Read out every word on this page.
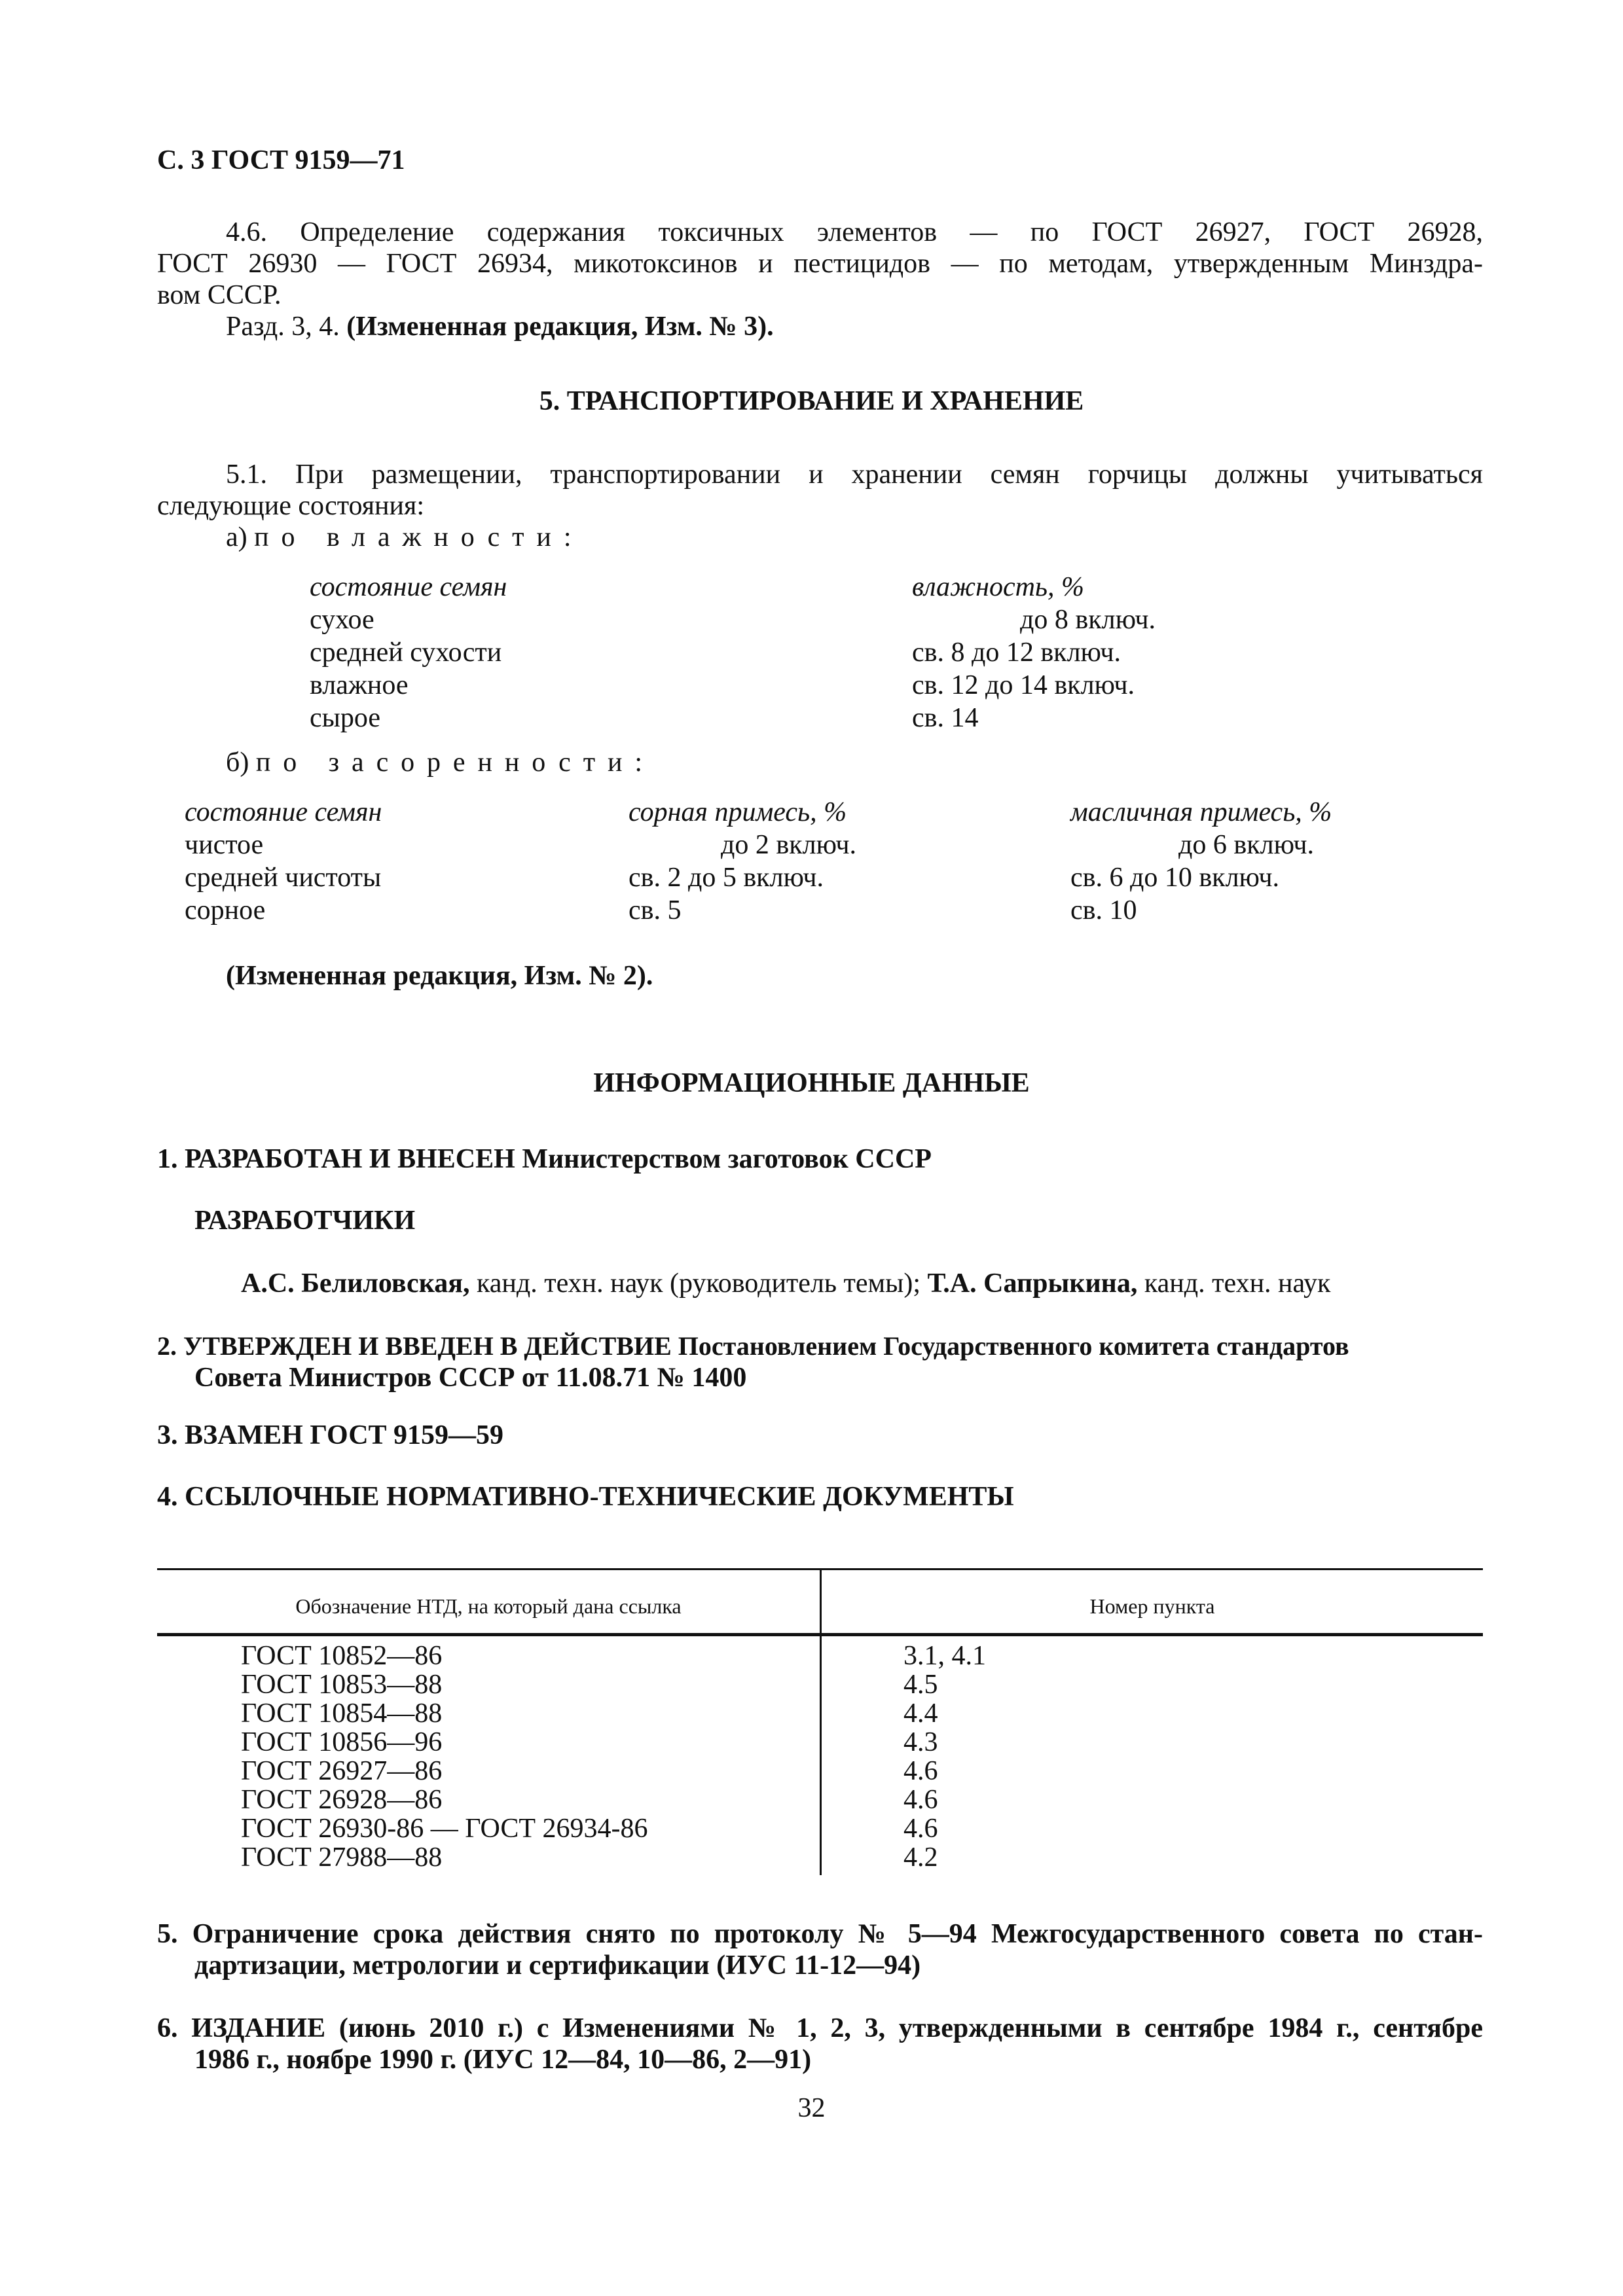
С. 3 ГОСТ 9159—71
4.6. Определение содержания токсичных элементов — по ГОСТ 26927, ГОСТ 26928,
ГОСТ 26930 — ГОСТ 26934, микотоксинов и пестицидов — по методам, утвержденным Минздра-
вом СССР.
Разд. 3, 4. (Измененная редакция, Изм. № 3).
5. ТРАНСПОРТИРОВАНИЕ И ХРАНЕНИЕ
5.1. При размещении, транспортировании и хранении семян горчицы должны учитываться
следующие состояния:
а) по влажности:
состояние семян	влажность, %
сухое	до 8 включ.
средней сухости	св. 8 до 12 включ.
влажное	св. 12 до 14 включ.
сырое	св. 14
б) по засоренности:
состояние семян	сорная примесь, %	масличная примесь, %
чистое	до 2 включ.	до 6 включ.
средней чистоты	св. 2 до 5 включ.	св. 6 до 10 включ.
сорное	св. 5	св. 10
(Измененная редакция, Изм. № 2).
ИНФОРМАЦИОННЫЕ ДАННЫЕ
1. РАЗРАБОТАН И ВНЕСЕН Министерством заготовок СССР
РАЗРАБОТЧИКИ
А.С. Белиловская, канд. техн. наук (руководитель темы); Т.А. Сапрыкина, канд. техн. наук
2. УТВЕРЖДЕН И ВВЕДЕН В ДЕЙСТВИЕ Постановлением Государственного комитета стандартов
Совета Министров СССР от 11.08.71 № 1400
3. ВЗАМЕН ГОСТ 9159—59
4. ССЫЛОЧНЫЕ НОРМАТИВНО-ТЕХНИЧЕСКИЕ ДОКУМЕНТЫ
Обозначение НТД, на который дана ссылка	Номер пункта
ГОСТ 10852—86	3.1, 4.1
ГОСТ 10853—88	4.5
ГОСТ 10854—88	4.4
ГОСТ 10856—96	4.3
ГОСТ 26927—86	4.6
ГОСТ 26928—86	4.6
ГОСТ 26930-86 — ГОСТ 26934-86	4.6
ГОСТ 27988—88	4.2
5. Ограничение срока действия снято по протоколу № 5—94 Межгосударственного совета по стан-
дартизации, метрологии и сертификации (ИУС 11-12—94)
6. ИЗДАНИЕ (июнь 2010 г.) с Изменениями № 1, 2, 3, утвержденными в сентябре 1984 г., сентябре
1986 г., ноябре 1990 г. (ИУС 12—84, 10—86, 2—91)
32
